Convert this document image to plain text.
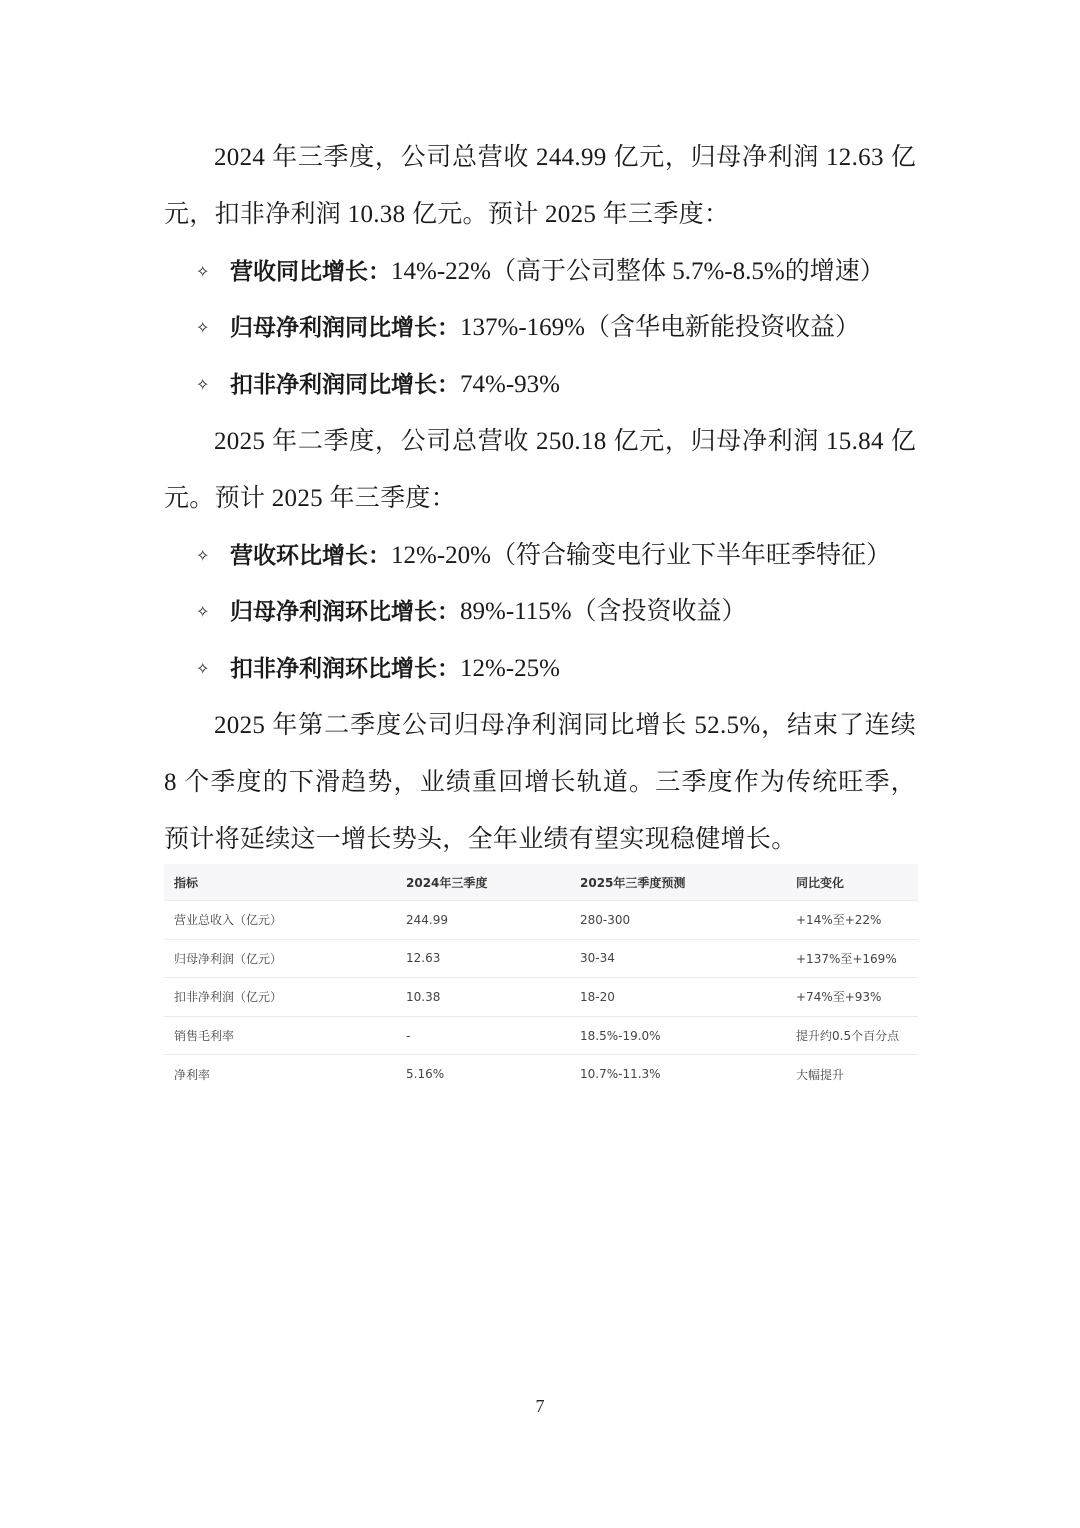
2024 年三季度，公司总营收 244.99 亿元，归母净利润 12.63 亿元，扣非净利润 10.38 亿元。预计 2025 年三季度：

✧ 营收同比增长：14%-22%（高于公司整体 5.7%-8.5%的增速）
✧ 归母净利润同比增长：137%-169%（含华电新能投资收益）
✧ 扣非净利润同比增长：74%-93%

2025 年二季度，公司总营收 250.18 亿元，归母净利润 15.84 亿元。预计 2025 年三季度：

✧ 营收环比增长：12%-20%（符合输变电行业下半年旺季特征）
✧ 归母净利润环比增长：89%-115%（含投资收益）
✧ 扣非净利润环比增长：12%-25%

2025 年第二季度公司归母净利润同比增长 52.5%，结束了连续 8 个季度的下滑趋势，业绩重回增长轨道。三季度作为传统旺季，预计将延续这一增长势头，全年业绩有望实现稳健增长。

指标	2024年三季度	2025年三季度预测	同比变化
营业总收入（亿元）	244.99	280-300	+14%至+22%
归母净利润（亿元）	12.63	30-34	+137%至+169%
扣非净利润（亿元）	10.38	18-20	+74%至+93%
销售毛利率	-	18.5%-19.0%	提升约0.5个百分点
净利率	5.16%	10.7%-11.3%	大幅提升
7
